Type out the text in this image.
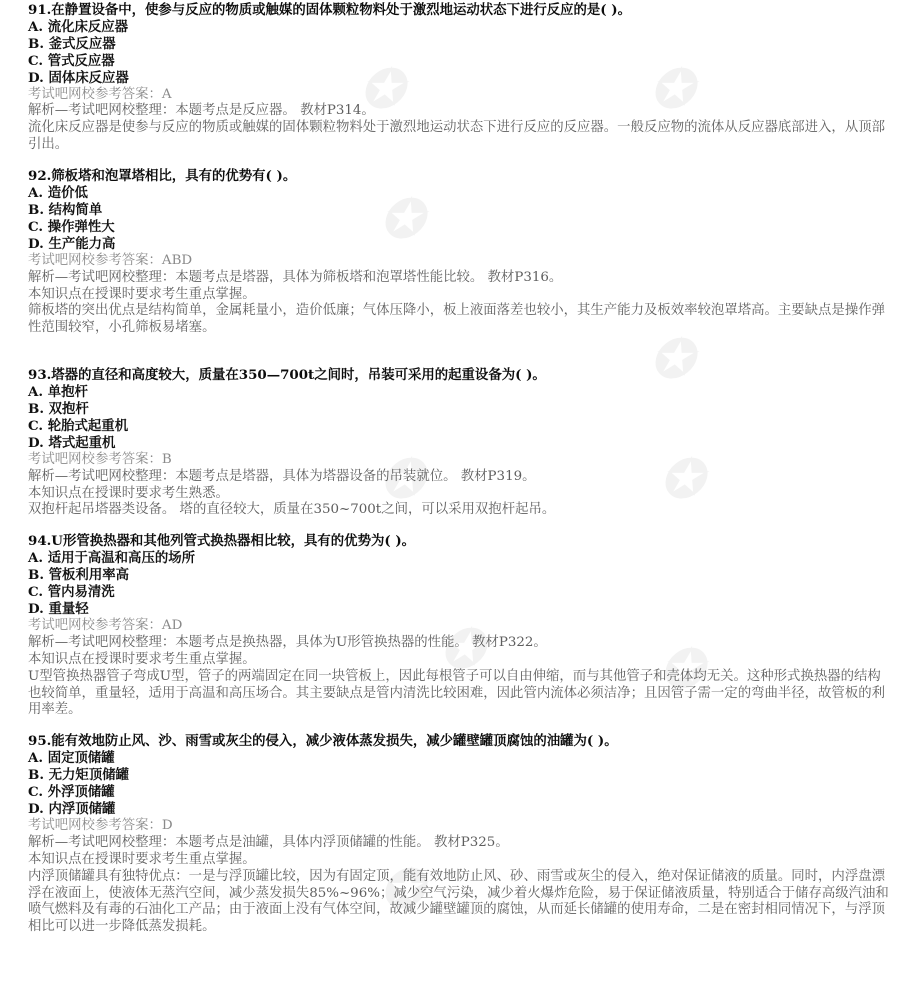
✪	✪
✪
✪
✪	✪
✪	✪
✪
91.在静置设备中，使参与反应的物质或触媒的固体颗粒物料处于激烈地运动状态下进行反应的是( )。
A. 流化床反应器
B. 釜式反应器
C. 管式反应器
D. 固体床反应器
考试吧网校参考答案：A
解析—考试吧网校整理：本题考点是反应器。 教材P314。
流化床反应器是使参与反应的物质或触媒的固体颗粒物料处于激烈地运动状态下进行反应的反应器。一般反应物的流体从反应器底部进入，从顶部引出。
92.筛板塔和泡罩塔相比，具有的优势有( )。
A. 造价低
B. 结构简单
C. 操作弹性大
D. 生产能力高
考试吧网校参考答案：ABD
解析—考试吧网校整理：本题考点是塔器，具体为筛板塔和泡罩塔性能比较。 教材P316。
本知识点在授课时要求考生重点掌握。
筛板塔的突出优点是结构简单，金属耗量小，造价低廉；气体压降小，板上液面落差也较小，其生产能力及板效率较泡罩塔高。主要缺点是操作弹性范围较窄，小孔筛板易堵塞。
93.塔器的直径和高度较大，质量在350—700t之间时，吊装可采用的起重设备为( )。
A. 单抱杆
B. 双抱杆
C. 轮胎式起重机
D. 塔式起重机
考试吧网校参考答案：B
解析—考试吧网校整理：本题考点是塔器，具体为塔器设备的吊装就位。 教材P319。
本知识点在授课时要求考生熟悉。
双抱杆起吊塔器类设备。 塔的直径较大，质量在350~700t之间，可以采用双抱杆起吊。
94.U形管换热器和其他列管式换热器相比较，具有的优势为( )。
A. 适用于高温和高压的场所
B. 管板利用率高
C. 管内易清洗
D. 重量轻
考试吧网校参考答案：AD
解析—考试吧网校整理：本题考点是换热器，具体为U形管换热器的性能。 教材P322。
本知识点在授课时要求考生重点掌握。
U型管换热器管子弯成U型，管子的两端固定在同一块管板上，因此每根管子可以自由伸缩，而与其他管子和壳体均无关。这种形式换热器的结构也较简单，重量轻，适用于高温和高压场合。其主要缺点是管内清洗比较困难，因此管内流体必须洁净；且因管子需一定的弯曲半径，故管板的利用率差。
95.能有效地防止风、沙、雨雪或灰尘的侵入，减少液体蒸发损失，减少罐壁罐顶腐蚀的油罐为( )。
A. 固定顶储罐
B. 无力矩顶储罐
C. 外浮顶储罐
D. 内浮顶储罐
考试吧网校参考答案：D
解析—考试吧网校整理：本题考点是油罐，具体内浮顶储罐的性能。 教材P325。
本知识点在授课时要求考生重点掌握。
内浮顶储罐具有独特优点：一是与浮顶罐比较，因为有固定顶，能有效地防止风、砂、雨雪或灰尘的侵入，绝对保证储液的质量。同时，内浮盘漂浮在液面上，使液体无蒸汽空间，减少蒸发损失85%~96%；减少空气污染，减少着火爆炸危险，易于保证储液质量，特别适合于储存高级汽油和喷气燃料及有毒的石油化工产品；由于液面上没有气体空间，故减少罐壁罐顶的腐蚀，从而延长储罐的使用寿命，二是在密封相同情况下，与浮顶相比可以进一步降低蒸发损耗。
